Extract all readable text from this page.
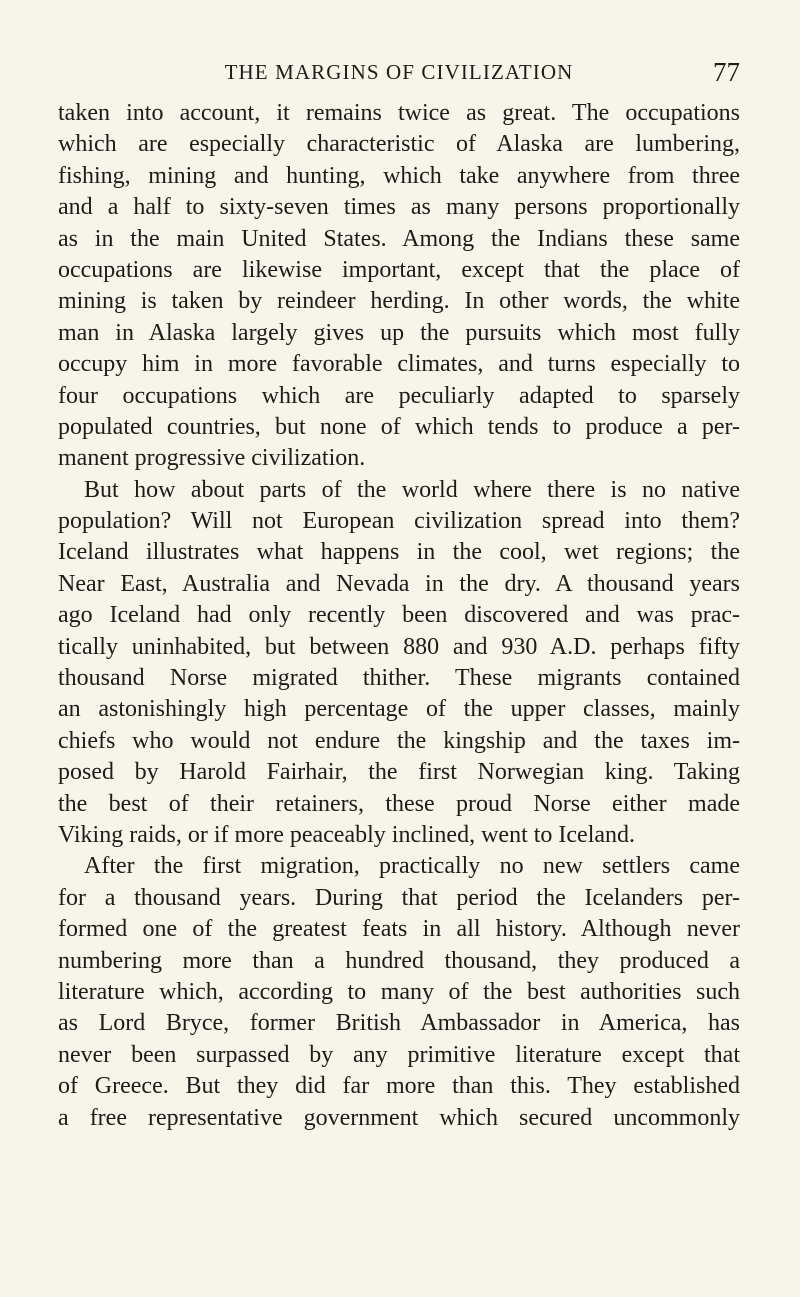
THE MARGINS OF CIVILIZATION	77
taken into account, it remains twice as great. The occupations
which are especially characteristic of Alaska are lumbering,
fishing, mining and hunting, which take anywhere from three
and a half to sixty-seven times as many persons proportionally
as in the main United States. Among the Indians these same
occupations are likewise important, except that the place of
mining is taken by reindeer herding. In other words, the white
man in Alaska largely gives up the pursuits which most fully
occupy him in more favorable climates, and turns especially to
four occupations which are peculiarly adapted to sparsely
populated countries, but none of which tends to produce a per-
manent progressive civilization.
But how about parts of the world where there is no native
population? Will not European civilization spread into them?
Iceland illustrates what happens in the cool, wet regions; the
Near East, Australia and Nevada in the dry. A thousand years
ago Iceland had only recently been discovered and was prac-
tically uninhabited, but between 880 and 930 A.D. perhaps fifty
thousand Norse migrated thither. These migrants contained
an astonishingly high percentage of the upper classes, mainly
chiefs who would not endure the kingship and the taxes im-
posed by Harold Fairhair, the first Norwegian king. Taking
the best of their retainers, these proud Norse either made
Viking raids, or if more peaceably inclined, went to Iceland.
After the first migration, practically no new settlers came
for a thousand years. During that period the Icelanders per-
formed one of the greatest feats in all history. Although never
numbering more than a hundred thousand, they produced a
literature which, according to many of the best authorities such
as Lord Bryce, former British Ambassador in America, has
never been surpassed by any primitive literature except that
of Greece. But they did far more than this. They established
a free representative government which secured uncommonly
